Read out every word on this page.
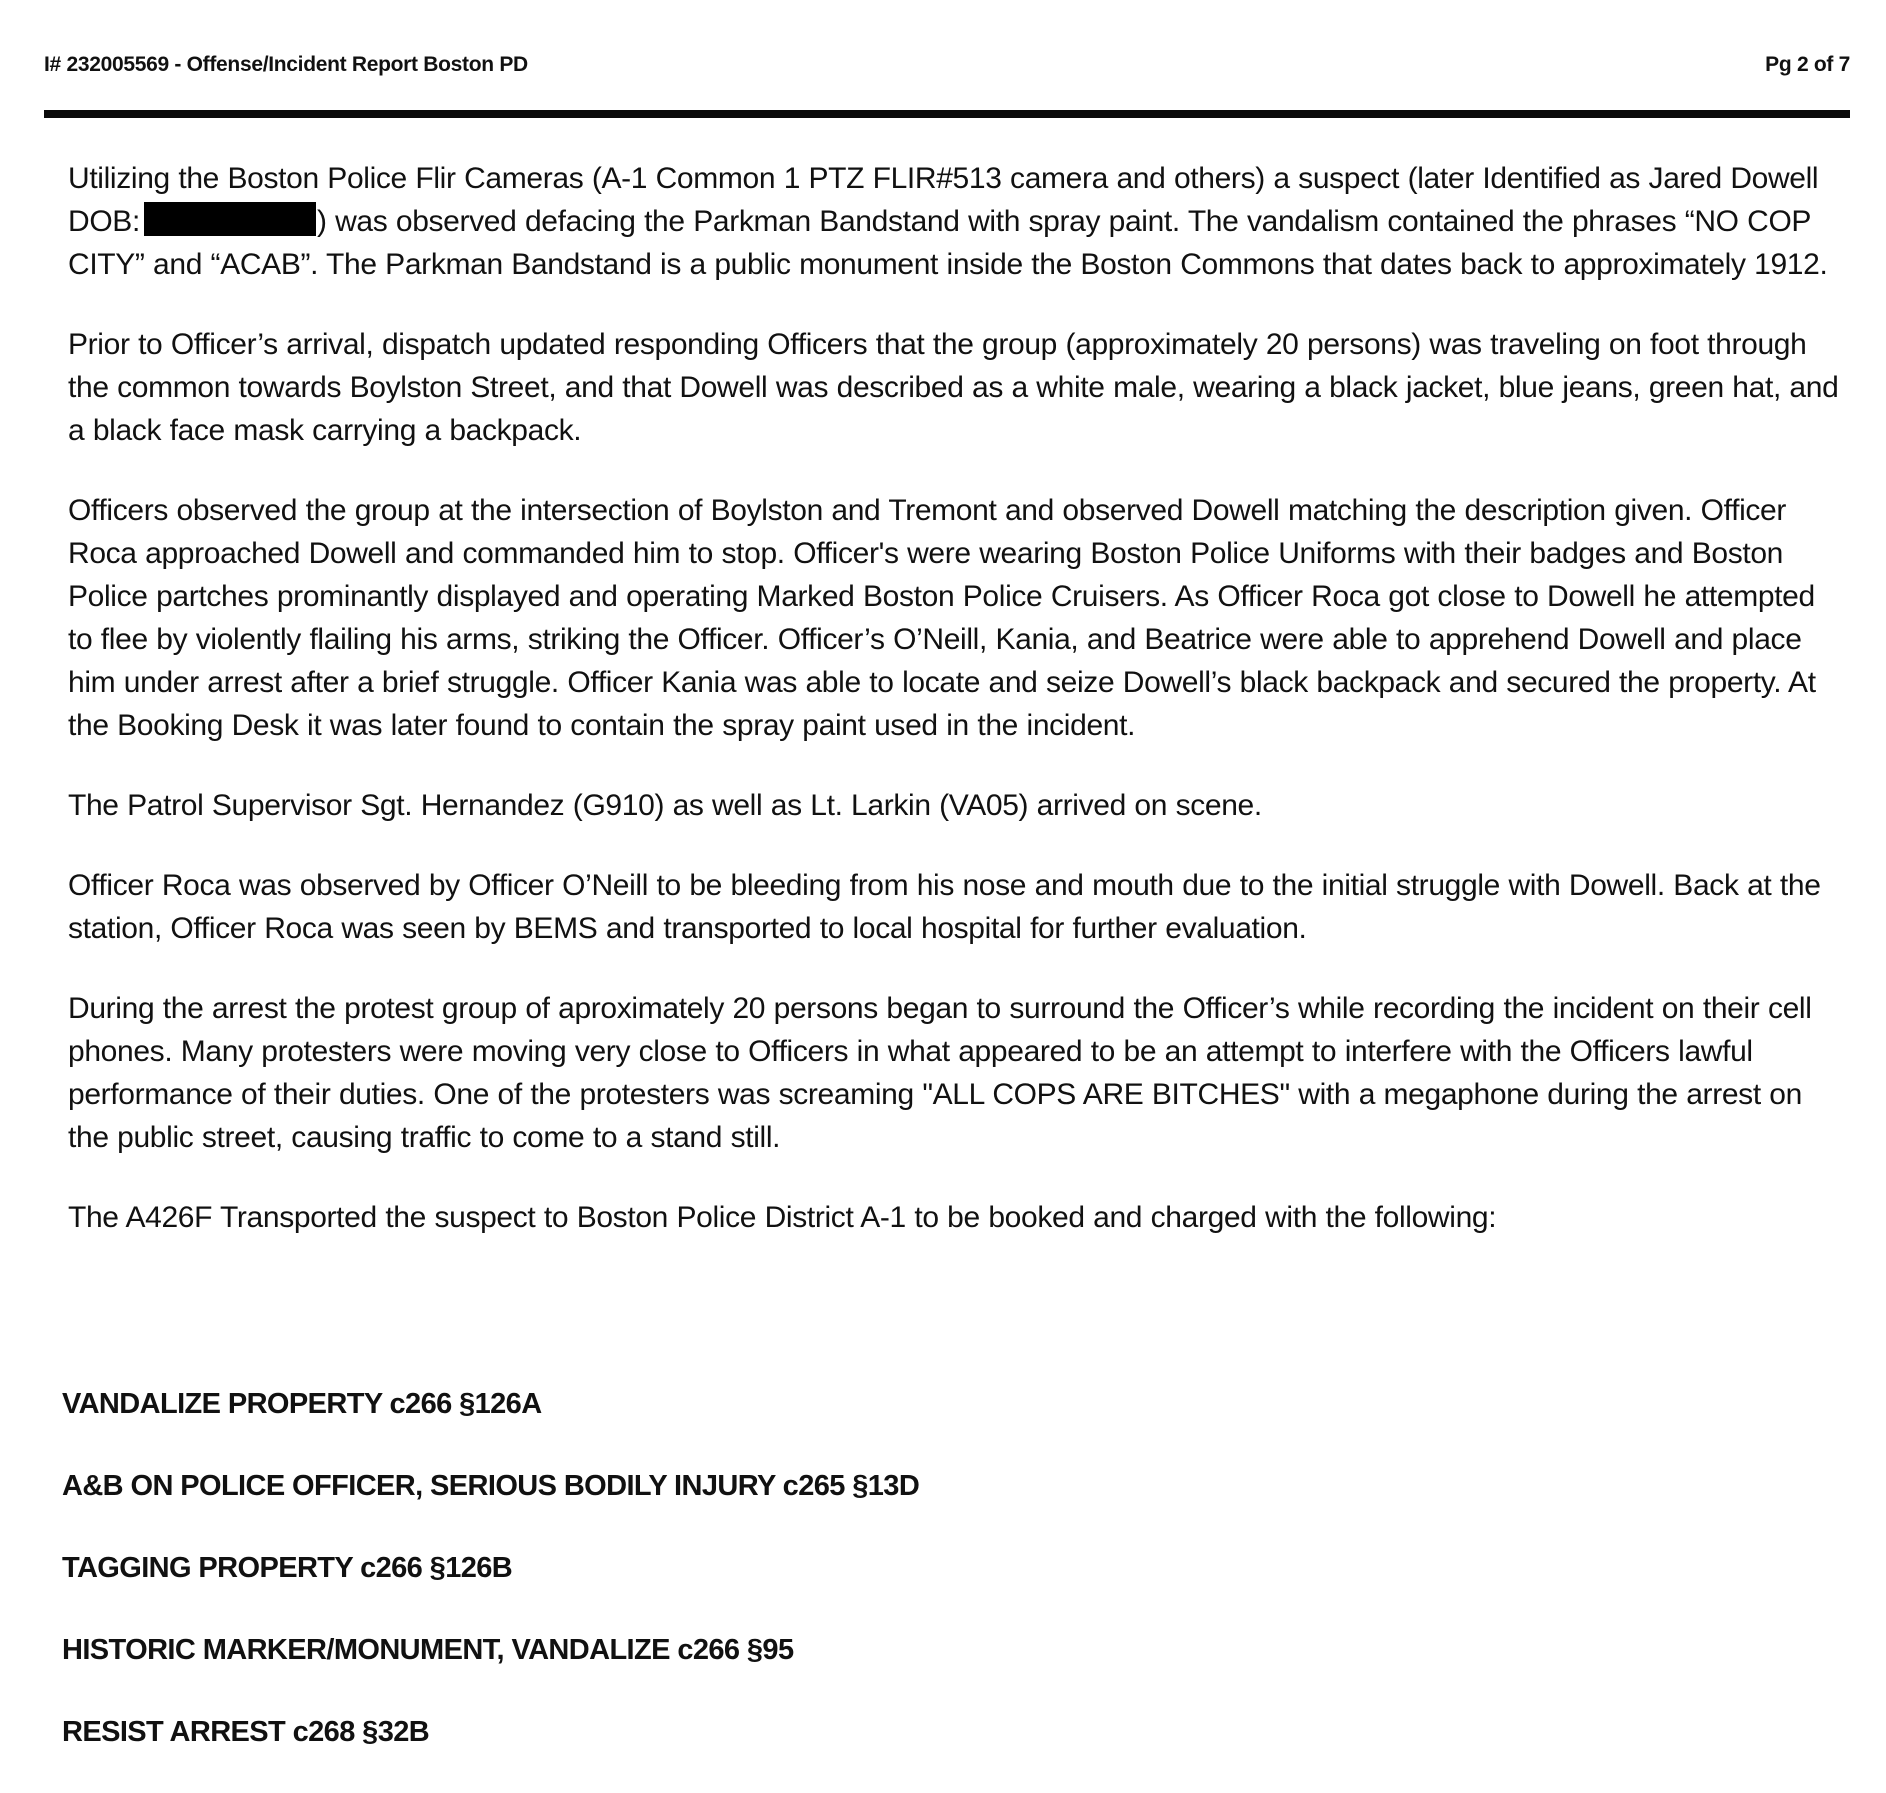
I# 232005569 - Offense/Incident Report Boston PD	Pg 2 of 7

Utilizing the Boston Police Flir Cameras (A-1 Common 1 PTZ FLIR#513 camera and others) a suspect (later Identified as Jared Dowell DOB:	) was observed defacing the Parkman Bandstand with spray paint. The vandalism contained the phrases “NO COP CITY” and “ACAB”. The Parkman Bandstand is a public monument inside the Boston Commons that dates back to approximately 1912.

Prior to Officer’s arrival, dispatch updated responding Officers that the group (approximately 20 persons) was traveling on foot through the common towards Boylston Street, and that Dowell was described as a white male, wearing a black jacket, blue jeans, green hat, and a black face mask carrying a backpack.

Officers observed the group at the intersection of Boylston and Tremont and observed Dowell matching the description given. Officer Roca approached Dowell and commanded him to stop. Officer's were wearing Boston Police Uniforms with their badges and Boston Police partches prominantly displayed and operating Marked Boston Police Cruisers. As Officer Roca got close to Dowell he attempted to flee by violently flailing his arms, striking the Officer. Officer’s O’Neill, Kania, and Beatrice were able to apprehend Dowell and place him under arrest after a brief struggle. Officer Kania was able to locate and seize Dowell’s black backpack and secured the property. At the Booking Desk it was later found to contain the spray paint used in the incident.

The Patrol Supervisor Sgt. Hernandez (G910) as well as Lt. Larkin (VA05) arrived on scene.

Officer Roca was observed by Officer O’Neill to be bleeding from his nose and mouth due to the initial struggle with Dowell. Back at the station, Officer Roca was seen by BEMS and transported to local hospital for further evaluation.

During the arrest the protest group of aproximately 20 persons began to surround the Officer’s while recording the incident on their cell phones. Many protesters were moving very close to Officers in what appeared to be an attempt to interfere with the Officers lawful performance of their duties. One of the protesters was screaming "ALL COPS ARE BITCHES" with a megaphone during the arrest on the public street, causing traffic to come to a stand still.

The A426F Transported the suspect to Boston Police District A-1 to be booked and charged with the following:

VANDALIZE PROPERTY c266 §126A
A&B ON POLICE OFFICER, SERIOUS BODILY INJURY c265 §13D
TAGGING PROPERTY c266 §126B
HISTORIC MARKER/MONUMENT, VANDALIZE c266 §95
RESIST ARREST c268 §32B
